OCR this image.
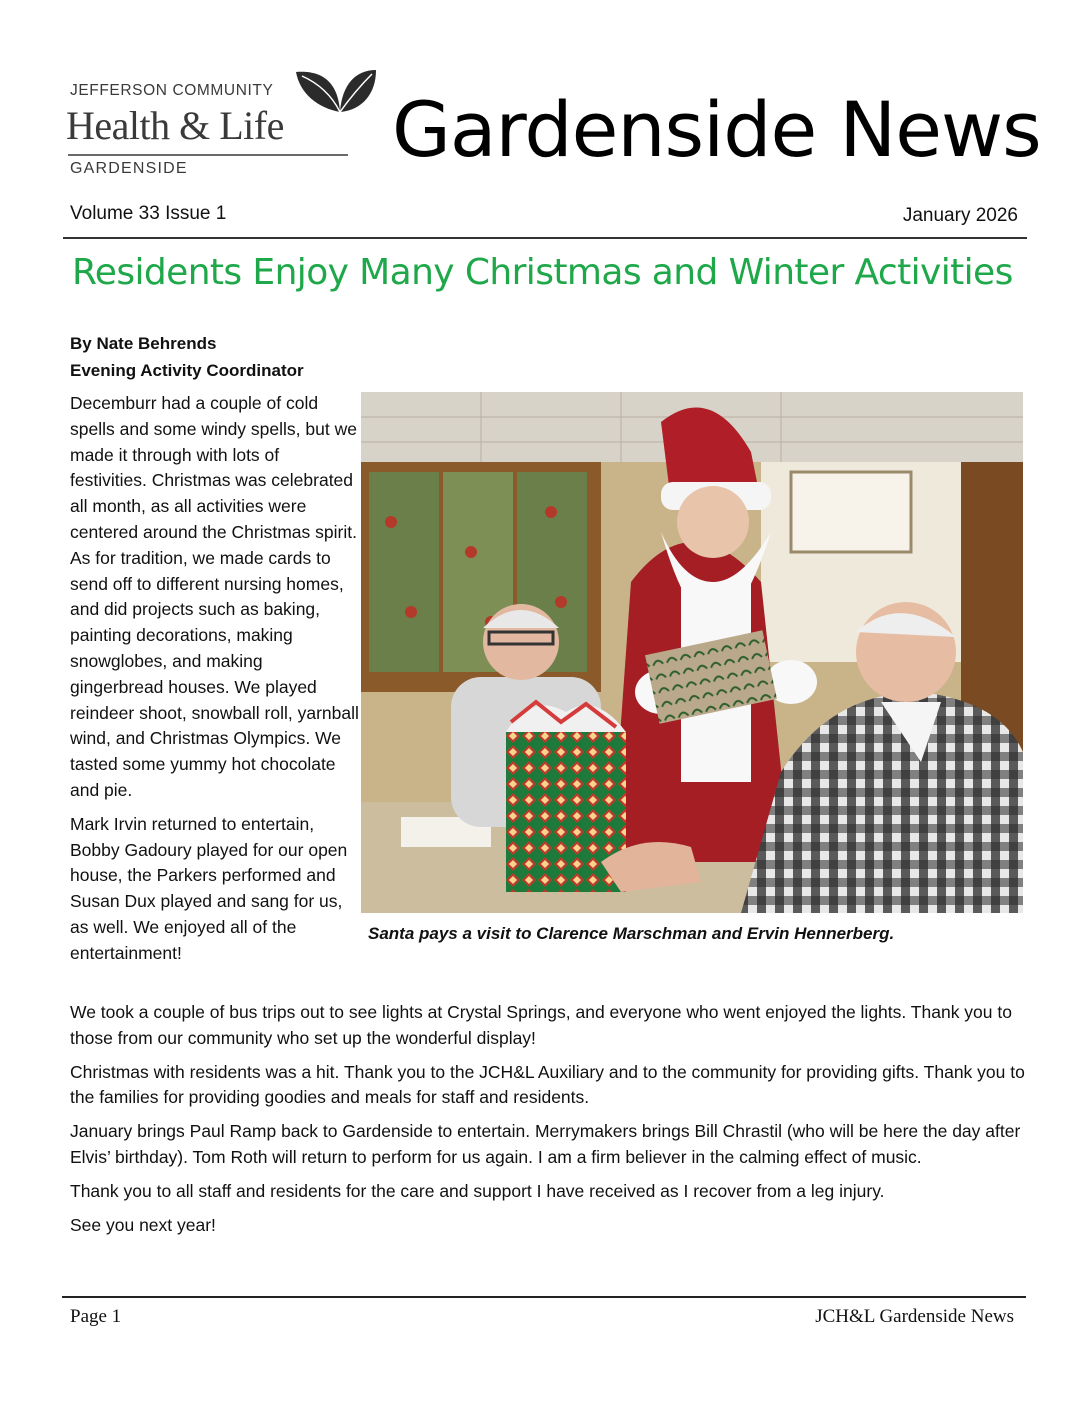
JEFFERSON COMMUNITY
Health & Life
GARDENSIDE	Gardenside News
Volume 33 Issue 1	January 2026
Residents Enjoy Many Christmas and Winter Activities
By Nate Behrends
Evening Activity Coordinator

Decemburr had a couple of cold spells and some windy spells, but we made it through with lots of festivities. Christmas was celebrated all month, as all activities were centered around the Christmas spirit. As for tradition, we made cards to send off to different nursing homes, and did projects such as baking, painting decorations, making snowglobes, and making gingerbread houses. We played reindeer shoot, snowball roll, yarnball wind, and Christmas Olympics. We tasted some yummy hot chocolate and pie.

Mark Irvin returned to entertain, Bobby Gadoury played for our open house, the Parkers performed and Susan Dux played and sang for us, as well. We enjoyed all of the entertainment!

Santa pays a visit to Clarence Marschman and Ervin Hennerberg.

We took a couple of bus trips out to see lights at Crystal Springs, and everyone who went enjoyed the lights. Thank you to those from our community who set up the wonderful display!

Christmas with residents was a hit. Thank you to the JCH&L Auxiliary and to the community for providing gifts. Thank you to the families for providing goodies and meals for staff and residents.

January brings Paul Ramp back to Gardenside to entertain. Merrymakers brings Bill Chrastil (who will be here the day after Elvis’ birthday). Tom Roth will return to perform for us again. I am a firm believer in the calming effect of music.

Thank you to all staff and residents for the care and support I have received as I recover from a leg injury.

See you next year!

Page 1	JCH&L Gardenside News
